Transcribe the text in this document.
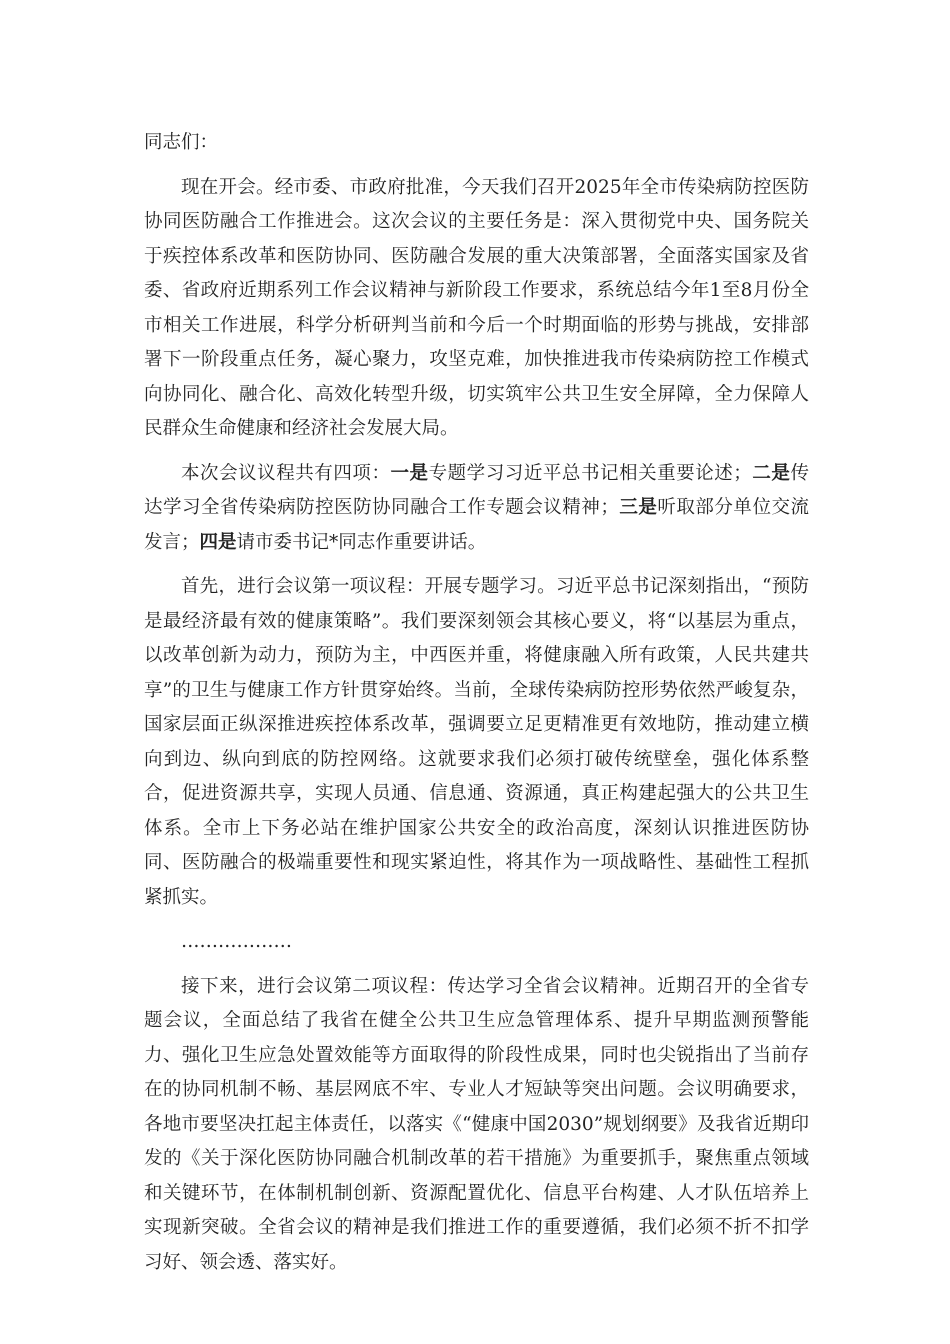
同志们：

现在开会。经市委、市政府批准，今天我们召开2025年全市传染病防控医防协同医防融合工作推进会。这次会议的主要任务是：深入贯彻党中央、国务院关于疾控体系改革和医防协同、医防融合发展的重大决策部署，全面落实国家及省委、省政府近期系列工作会议精神与新阶段工作要求，系统总结今年1至8月份全市相关工作进展，科学分析研判当前和今后一个时期面临的形势与挑战，安排部署下一阶段重点任务，凝心聚力，攻坚克难，加快推进我市传染病防控工作模式向协同化、融合化、高效化转型升级，切实筑牢公共卫生安全屏障，全力保障人民群众生命健康和经济社会发展大局。

本次会议议程共有四项：一是专题学习习近平总书记相关重要论述；二是传达学习全省传染病防控医防协同融合工作专题会议精神；三是听取部分单位交流发言；四是请市委书记*同志作重要讲话。

首先，进行会议第一项议程：开展专题学习。习近平总书记深刻指出，“预防是最经济最有效的健康策略”。我们要深刻领会其核心要义，将“以基层为重点，以改革创新为动力，预防为主，中西医并重，将健康融入所有政策，人民共建共享”的卫生与健康工作方针贯穿始终。当前，全球传染病防控形势依然严峻复杂，国家层面正纵深推进疾控体系改革，强调要立足更精准更有效地防，推动建立横向到边、纵向到底的防控网络。这就要求我们必须打破传统壁垒，强化体系整合，促进资源共享，实现人员通、信息通、资源通，真正构建起强大的公共卫生体系。全市上下务必站在维护国家公共安全的政治高度，深刻认识推进医防协同、医防融合的极端重要性和现实紧迫性，将其作为一项战略性、基础性工程抓紧抓实。

………………

接下来，进行会议第二项议程：传达学习全省会议精神。近期召开的全省专题会议，全面总结了我省在健全公共卫生应急管理体系、提升早期监测预警能力、强化卫生应急处置效能等方面取得的阶段性成果，同时也尖锐指出了当前存在的协同机制不畅、基层网底不牢、专业人才短缺等突出问题。会议明确要求，各地市要坚决扛起主体责任，以落实《“健康中国2030”规划纲要》及我省近期印发的《关于深化医防协同融合机制改革的若干措施》为重要抓手，聚焦重点领域和关键环节，在体制机制创新、资源配置优化、信息平台构建、人才队伍培养上实现新突破。全省会议的精神是我们推进工作的重要遵循，我们必须不折不扣学习好、领会透、落实好。
